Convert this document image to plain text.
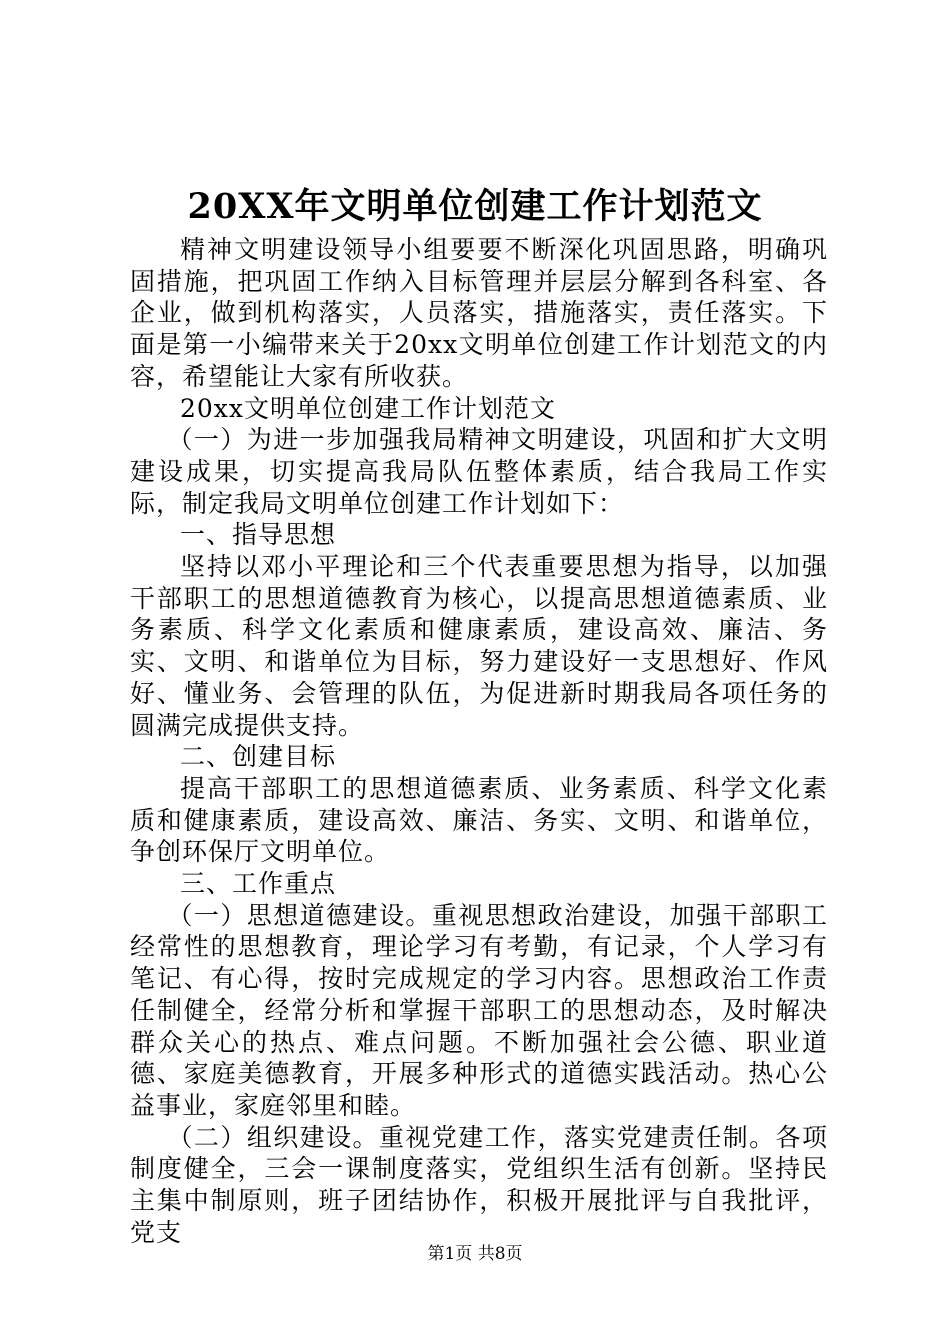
20XX年文明单位创建工作计划范文

精神文明建设领导小组要要不断深化巩固思路，明确巩固措施，把巩固工作纳入目标管理并层层分解到各科室、各企业，做到机构落实，人员落实，措施落实，责任落实。下面是第一小编带来关于20xx文明单位创建工作计划范文的内容，希望能让大家有所收获。

20xx文明单位创建工作计划范文

（一）为进一步加强我局精神文明建设，巩固和扩大文明建设成果，切实提高我局队伍整体素质，结合我局工作实际，制定我局文明单位创建工作计划如下：

一、指导思想

坚持以邓小平理论和三个代表重要思想为指导，以加强干部职工的思想道德教育为核心，以提高思想道德素质、业务素质、科学文化素质和健康素质，建设高效、廉洁、务实、文明、和谐单位为目标，努力建设好一支思想好、作风好、懂业务、会管理的队伍，为促进新时期我局各项任务的圆满完成提供支持。

二、创建目标

提高干部职工的思想道德素质、业务素质、科学文化素质和健康素质，建设高效、廉洁、务实、文明、和谐单位，争创环保厅文明单位。

三、工作重点

（一）思想道德建设。重视思想政治建设，加强干部职工经常性的思想教育，理论学习有考勤，有记录，个人学习有笔记、有心得，按时完成规定的学习内容。思想政治工作责任制健全，经常分析和掌握干部职工的思想动态，及时解决群众关心的热点、难点问题。不断加强社会公德、职业道德、家庭美德教育，开展多种形式的道德实践活动。热心公益事业，家庭邻里和睦。

（二）组织建设。重视党建工作，落实党建责任制。各项制度健全，三会一课制度落实，党组织生活有创新。坚持民主集中制原则，班子团结协作，积极开展批评与自我批评，党支

第1页 共8页
